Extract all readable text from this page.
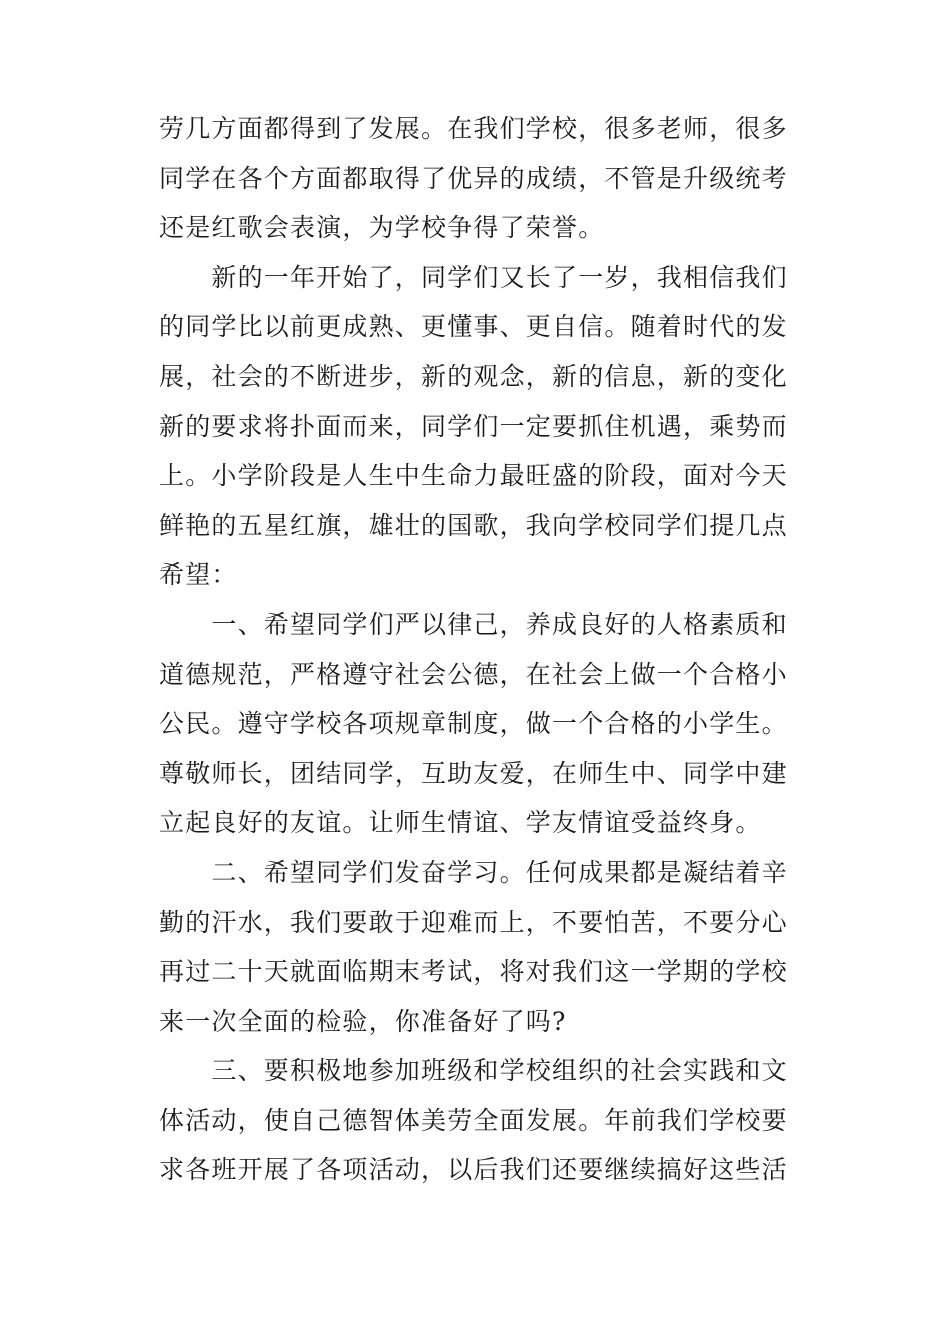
劳几方面都得到了发展。在我们学校，很多老师，很多
同学在各个方面都取得了优异的成绩，不管是升级统考
还是红歌会表演，为学校争得了荣誉。
　　新的一年开始了，同学们又长了一岁，我相信我们
的同学比以前更成熟、更懂事、更自信。随着时代的发
展，社会的不断进步，新的观念，新的信息，新的变化
新的要求将扑面而来，同学们一定要抓住机遇，乘势而
上。小学阶段是人生中生命力最旺盛的阶段，面对今天
鲜艳的五星红旗，雄壮的国歌，我向学校同学们提几点
希望：
　　一、希望同学们严以律己，养成良好的人格素质和
道德规范，严格遵守社会公德，在社会上做一个合格小
公民。遵守学校各项规章制度，做一个合格的小学生。
尊敬师长，团结同学，互助友爱，在师生中、同学中建
立起良好的友谊。让师生情谊、学友情谊受益终身。
　　二、希望同学们发奋学习。任何成果都是凝结着辛
勤的汗水，我们要敢于迎难而上，不要怕苦，不要分心
再过二十天就面临期末考试，将对我们这一学期的学校
来一次全面的检验，你准备好了吗?
　　三、要积极地参加班级和学校组织的社会实践和文
体活动，使自己德智体美劳全面发展。年前我们学校要
求各班开展了各项活动，以后我们还要继续搞好这些活
